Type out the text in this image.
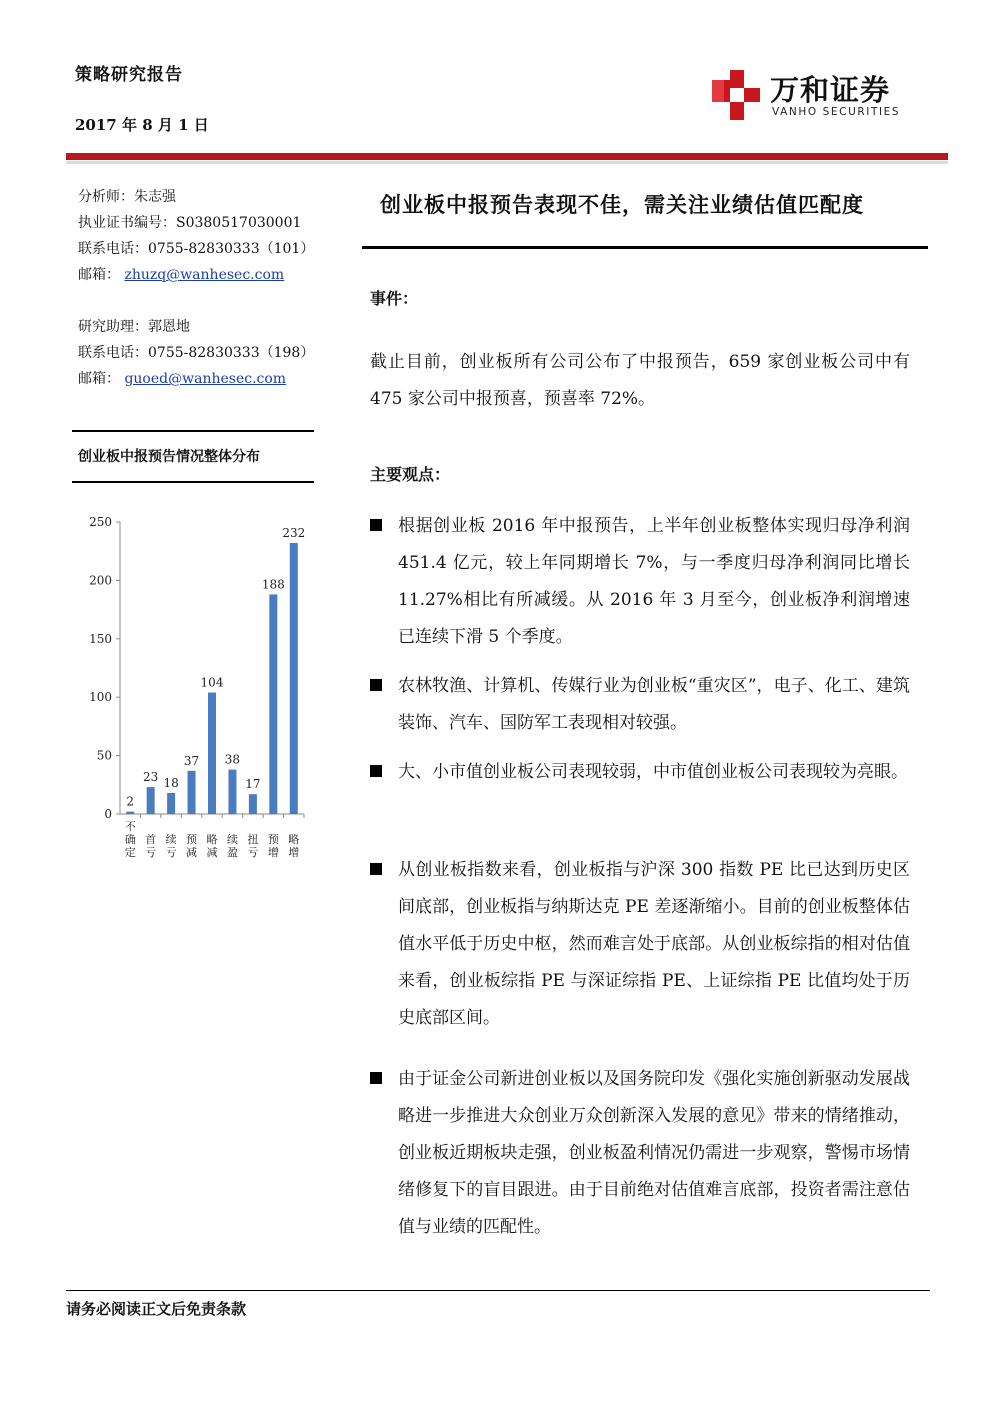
策略研究报告
2017 年 8 月 1 日
万和证券
VANHO SECURITIES
分析师：朱志强
执业证书编号：S0380517030001
联系电话：0755-82830333（101）
邮箱： zhuzq@wanhesec.com
研究助理：郭恩地
联系电话：0755-82830333（198）
邮箱： guoed@wanhesec.com
创业板中报预告情况整体分布
0
50
100
150
200
250
2
不确定
23
首亏
18
续亏
37
预减
104
略减
38
续盈
17
扭亏
188
预增
232
略增
创业板中报预告表现不佳，需关注业绩估值匹配度
事件：
截止目前，创业板所有公司公布了中报预告，659 家创业板公司中有 475 家公司中报预喜，预喜率 72%。
主要观点：
根据创业板 2016 年中报预告，上半年创业板整体实现归母净利润 451.4 亿元，较上年同期增长 7%，与一季度归母净利润同比增长 11.27%相比有所减缓。从 2016 年 3 月至今，创业板净利润增速已连续下滑 5 个季度。
农林牧渔、计算机、传媒行业为创业板“重灾区”，电子、化工、建筑装饰、汽车、国防军工表现相对较强。
大、小市值创业板公司表现较弱，中市值创业板公司表现较为亮眼。
从创业板指数来看，创业板指与沪深 300 指数 PE 比已达到历史区间底部，创业板指与纳斯达克 PE 差逐渐缩小。目前的创业板整体估值水平低于历史中枢，然而难言处于底部。从创业板综指的相对估值来看，创业板综指 PE 与深证综指 PE、上证综指 PE 比值均处于历史底部区间。
由于证金公司新进创业板以及国务院印发《强化实施创新驱动发展战略进一步推进大众创业万众创新深入发展的意见》带来的情绪推动，创业板近期板块走强，创业板盈利情况仍需进一步观察，警惕市场情绪修复下的盲目跟进。由于目前绝对估值难言底部，投资者需注意估值与业绩的匹配性。
请务必阅读正文后免责条款
